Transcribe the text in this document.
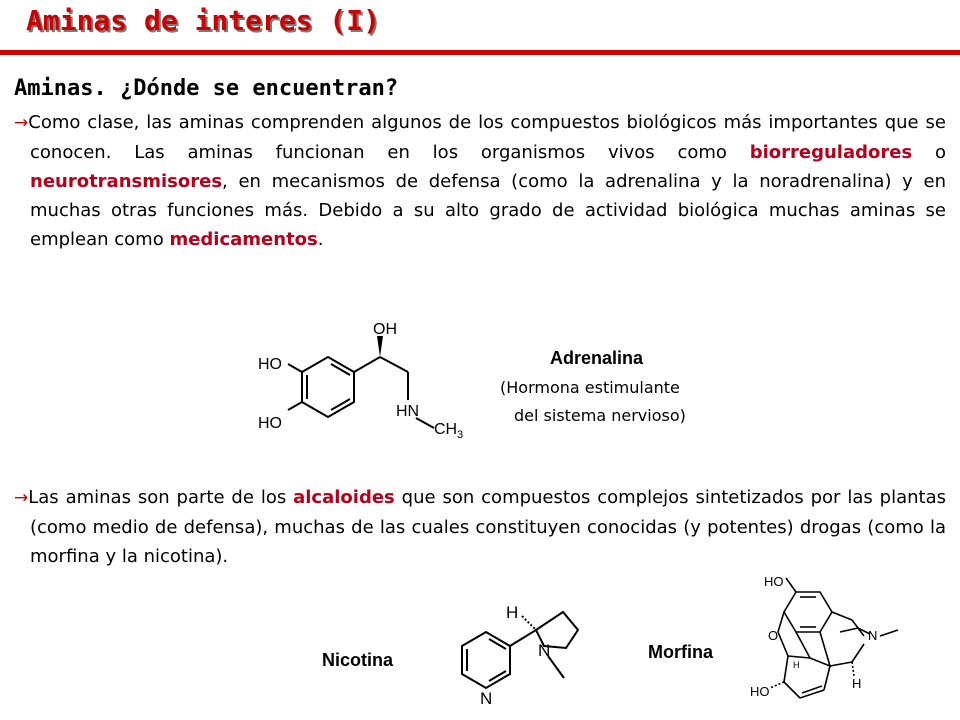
Aminas de interes (I)
Aminas. ¿Dónde se encuentran?
→Como clase, las aminas comprenden algunos de los compuestos biológicos más importantes que se conocen. Las aminas funcionan en los organismos vivos como biorreguladores o neurotransmisores, en mecanismos de defensa (como la adrenalina y la noradrenalina) y en muchas otras funciones más. Debido a su alto grado de actividad biológica muchas aminas se emplean como medicamentos.
OH
HO
HO
HN
CH 3
Adrenalina
(Hormona estimulante
del sistema nervioso)
→Las aminas son parte de los alcaloides que son compuestos complejos sintetizados por las plantas (como medio de defensa), muchas de las cuales constituyen conocidas (y potentes) drogas (como la morfina y la nicotina).
H
N
N
Nicotina
HO
O	N
H
HO
H
Morfina
